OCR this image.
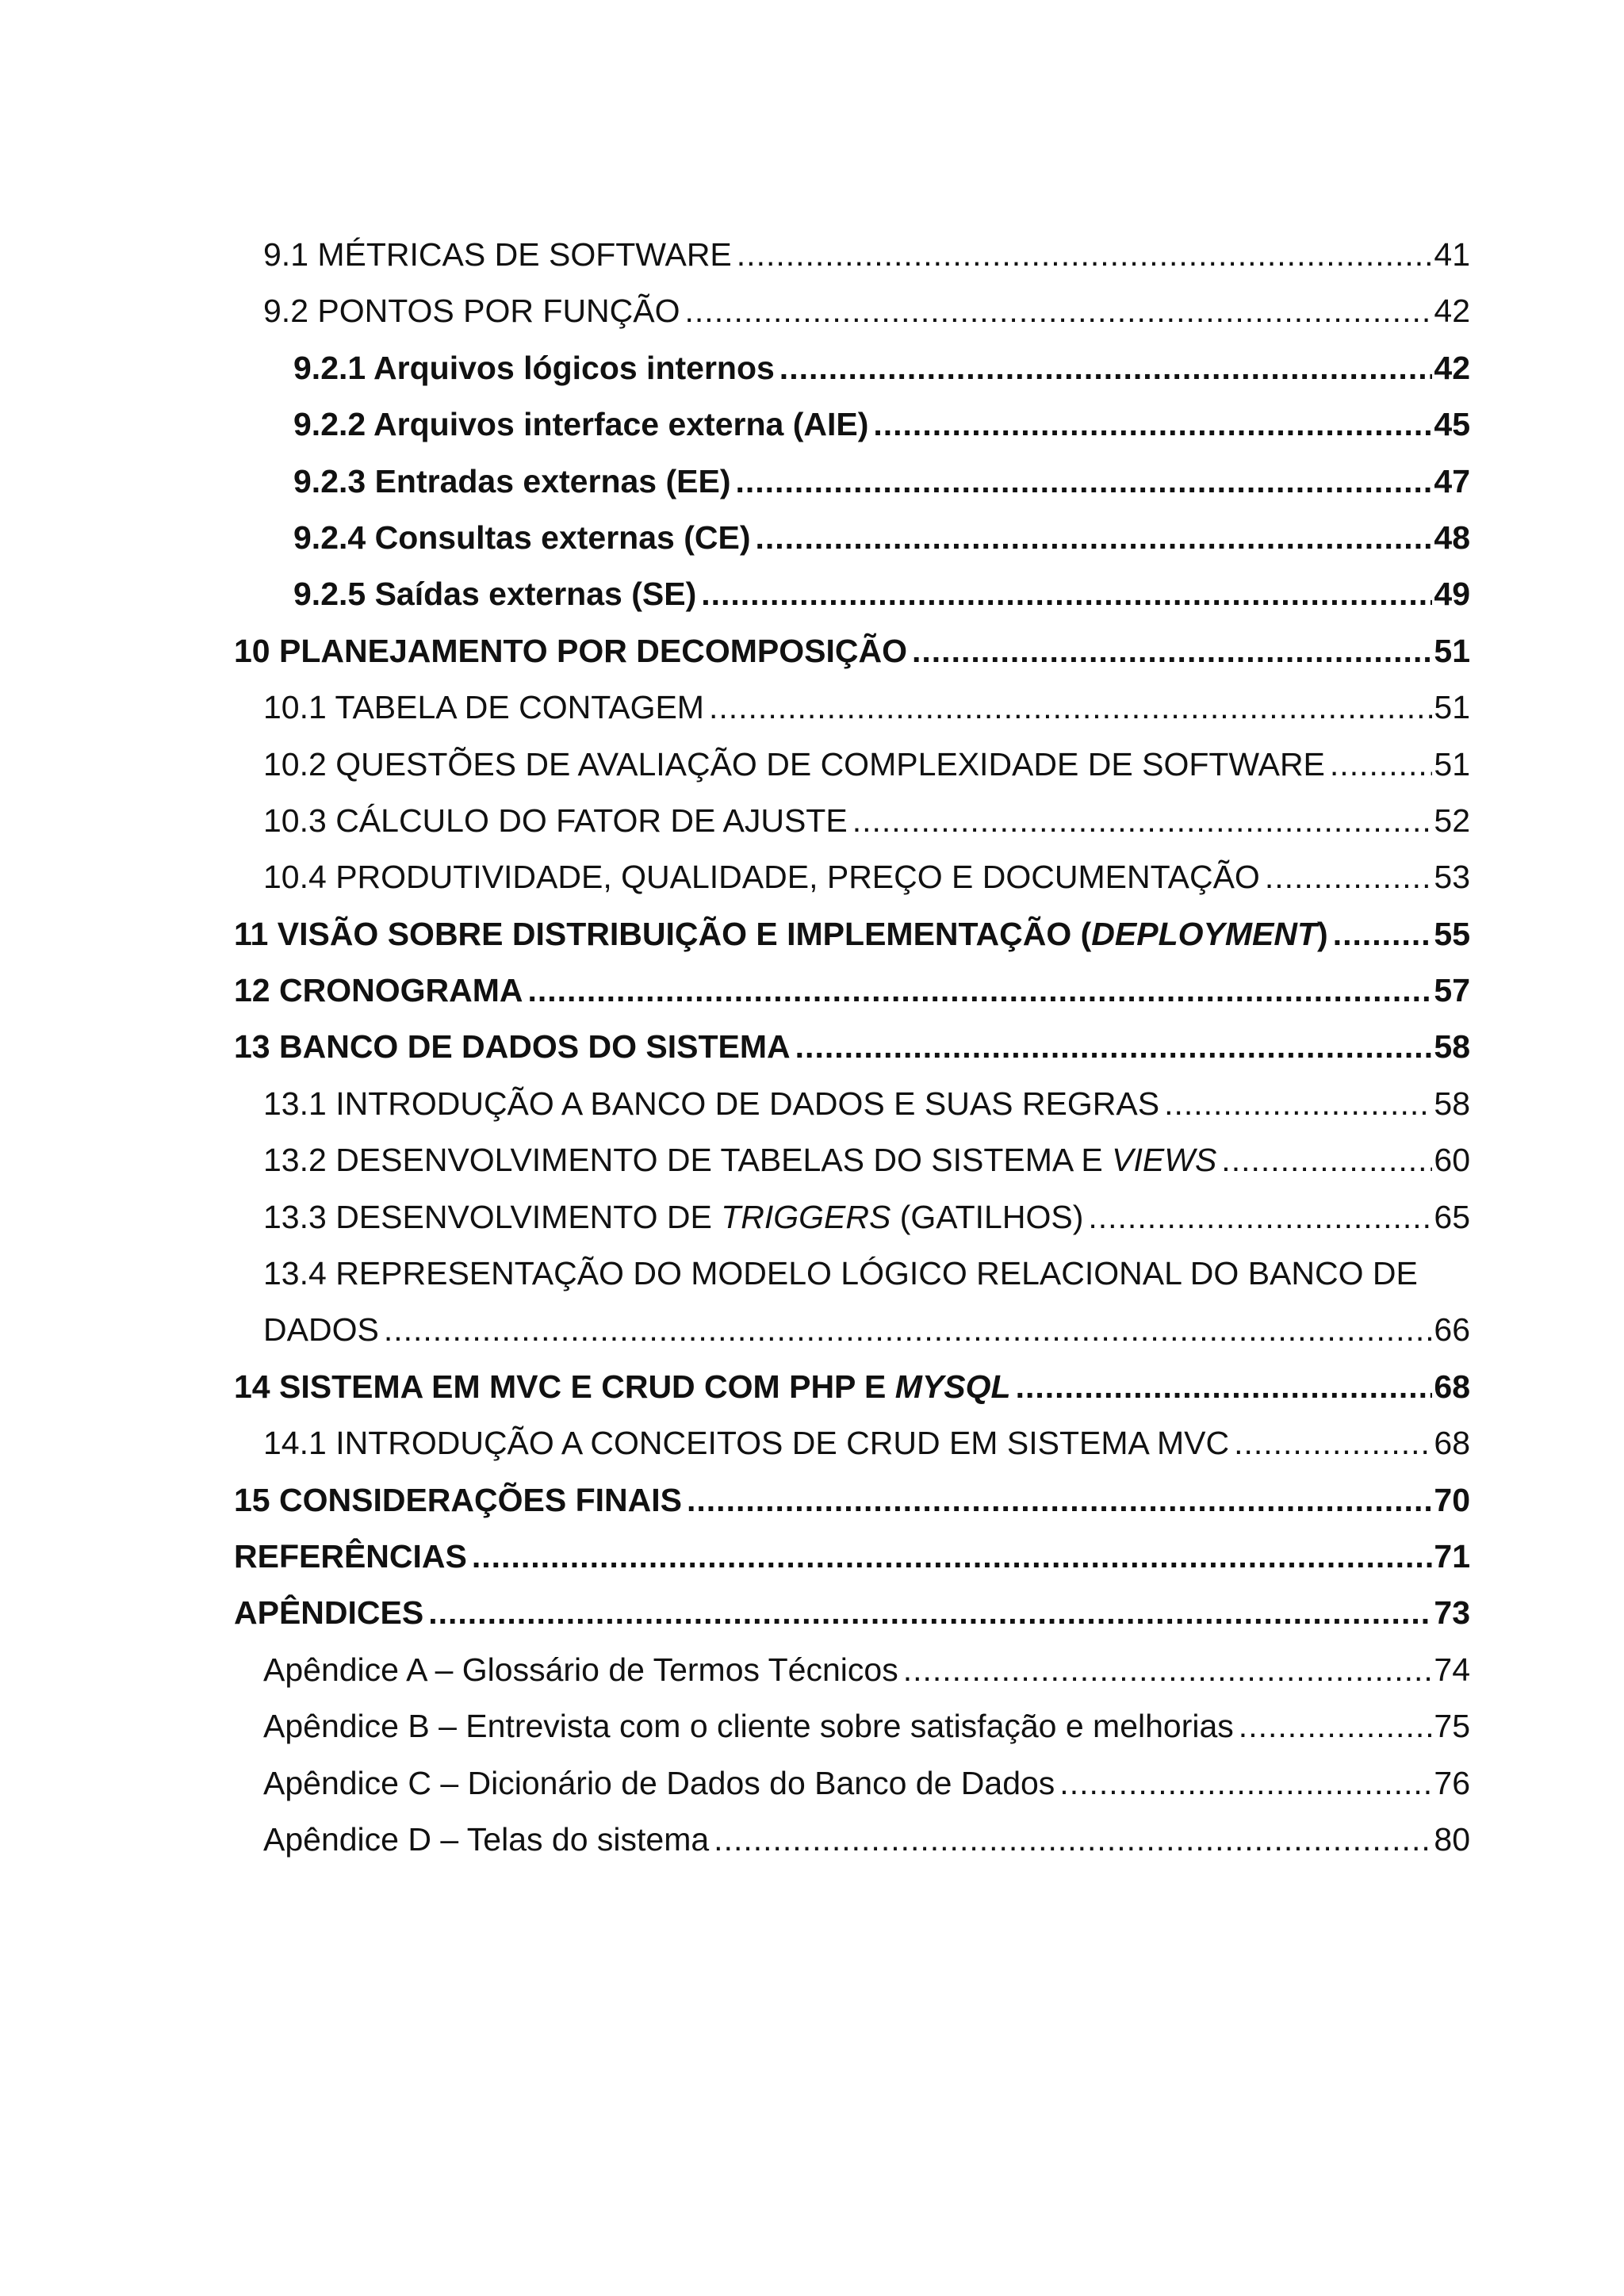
9.1 MÉTRICAS DE SOFTWARE .....	41
9.2 PONTOS POR FUNÇÃO .....	42
9.2.1 Arquivos lógicos internos .....	42
9.2.2 Arquivos interface externa (AIE) .....	45
9.2.3 Entradas externas (EE) .....	47
9.2.4 Consultas externas (CE) .....	48
9.2.5 Saídas externas (SE) .....	49
10 PLANEJAMENTO POR DECOMPOSIÇÃO .....	51
10.1 TABELA DE CONTAGEM .....	51
10.2 QUESTÕES DE AVALIAÇÃO DE COMPLEXIDADE DE SOFTWARE .....	51
10.3 CÁLCULO DO FATOR DE AJUSTE .....	52
10.4 PRODUTIVIDADE, QUALIDADE, PREÇO E DOCUMENTAÇÃO .....	53
11 VISÃO SOBRE DISTRIBUIÇÃO E IMPLEMENTAÇÃO (DEPLOYMENT) .....	55
12 CRONOGRAMA .....	57
13 BANCO DE DADOS DO SISTEMA .....	58
13.1 INTRODUÇÃO A BANCO DE DADOS E SUAS REGRAS .....	58
13.2 DESENVOLVIMENTO DE TABELAS DO SISTEMA E VIEWS .....	60
13.3 DESENVOLVIMENTO DE TRIGGERS (GATILHOS) .....	65
13.4 REPRESENTAÇÃO DO MODELO LÓGICO RELACIONAL DO BANCO DE
DADOS .....	66
14 SISTEMA EM MVC E CRUD COM PHP E MYSQL .....	68
14.1 INTRODUÇÃO A CONCEITOS DE CRUD EM SISTEMA MVC .....	68
15 CONSIDERAÇÕES FINAIS .....	70
REFERÊNCIAS .....	71
APÊNDICES .....	73
Apêndice A – Glossário de Termos Técnicos .....	74
Apêndice B – Entrevista com o cliente sobre satisfação e melhorias .....	75
Apêndice C – Dicionário de Dados do Banco de Dados .....	76
Apêndice D – Telas do sistema .....	80
